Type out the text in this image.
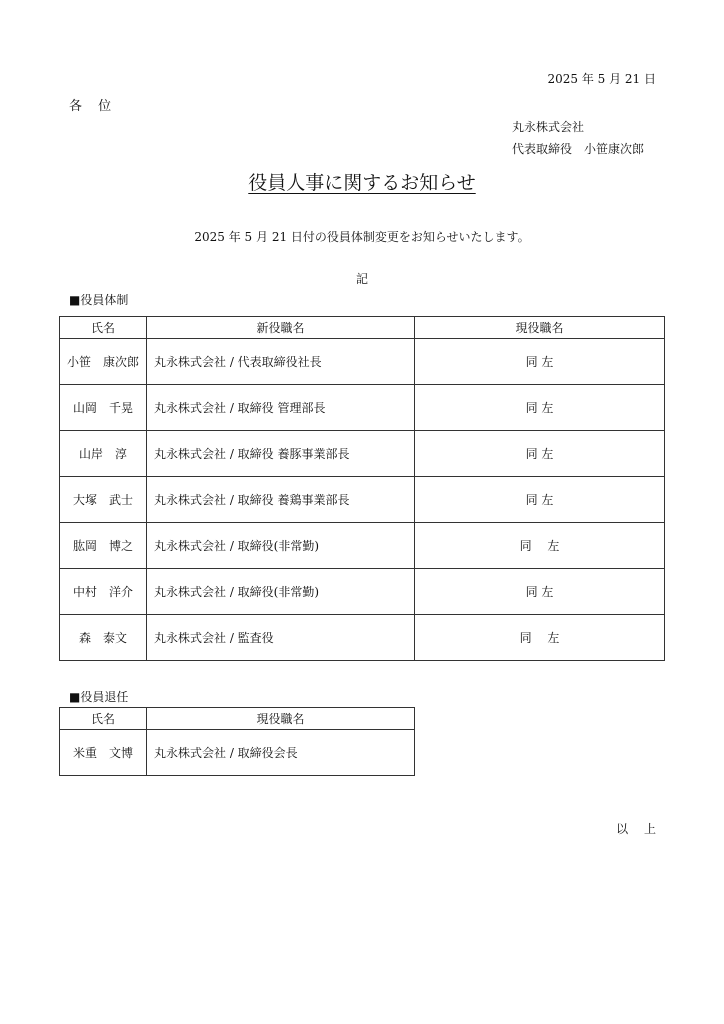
2025 年 5 月 21 日
各 位
丸永株式会社
代表取締役　小笹康次郎
役員人事に関するお知らせ
2025 年 5 月 21 日付の役員体制変更をお知らせいたします。
記
■役員体制
氏名	新役職名	現役職名
小笹　康次郎	丸永株式会社 / 代表取締役社長	同 左
山岡　千晃	丸永株式会社 / 取締役 管理部長	同 左
山岸　淳	丸永株式会社 / 取締役 養豚事業部長	同 左
大塚　武士	丸永株式会社 / 取締役 養鶏事業部長	同 左
肱岡　博之	丸永株式会社 / 取締役(非常勤)	同　 左
中村　洋介	丸永株式会社 / 取締役(非常勤)	同 左
森　泰文	丸永株式会社 / 監査役	同　 左
■役員退任
氏名	現役職名
米重　文博	丸永株式会社 / 取締役会長
以 上
